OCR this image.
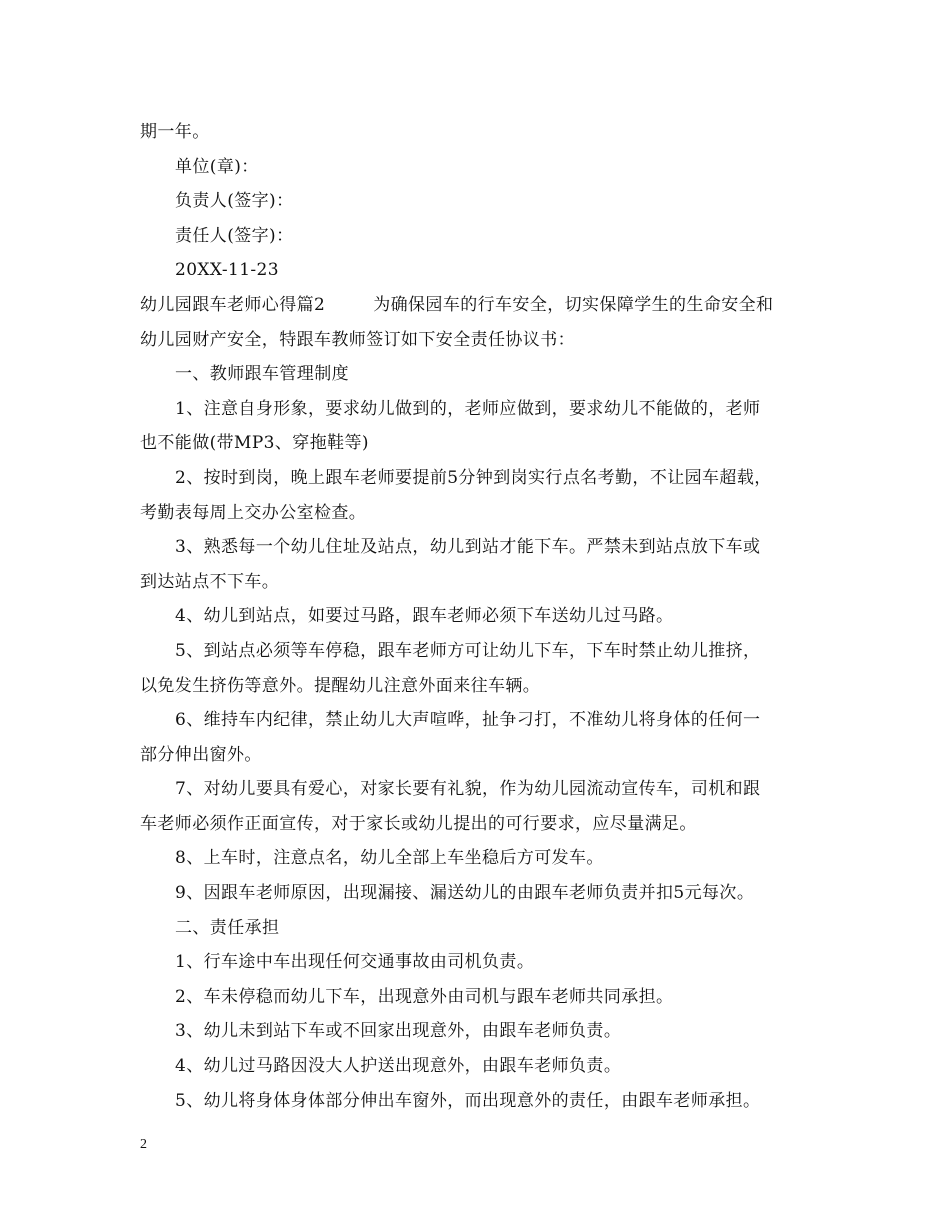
期一年。
单位(章)：
负责人(签字)：
责任人(签字)：
20XX-11-23
幼儿园跟车老师心得篇2	为确保园车的行车安全，切实保障学生的生命安全和
幼儿园财产安全，特跟车教师签订如下安全责任协议书：
一、教师跟车管理制度
1、注意自身形象，要求幼儿做到的，老师应做到，要求幼儿不能做的，老师
也不能做(带MP3、穿拖鞋等)
2、按时到岗，晚上跟车老师要提前5分钟到岗实行点名考勤，不让园车超载，
考勤表每周上交办公室检查。
3、熟悉每一个幼儿住址及站点，幼儿到站才能下车。严禁未到站点放下车或
到达站点不下车。
4、幼儿到站点，如要过马路，跟车老师必须下车送幼儿过马路。
5、到站点必须等车停稳，跟车老师方可让幼儿下车，下车时禁止幼儿推挤，
以免发生挤伤等意外。提醒幼儿注意外面来往车辆。
6、维持车内纪律，禁止幼儿大声喧哗，扯争刁打，不准幼儿将身体的任何一
部分伸出窗外。
7、对幼儿要具有爱心，对家长要有礼貌，作为幼儿园流动宣传车，司机和跟
车老师必须作正面宣传，对于家长或幼儿提出的可行要求，应尽量满足。
8、上车时，注意点名，幼儿全部上车坐稳后方可发车。
9、因跟车老师原因，出现漏接、漏送幼儿的由跟车老师负责并扣5元每次。
二、责任承担
1、行车途中车出现任何交通事故由司机负责。
2、车未停稳而幼儿下车，出现意外由司机与跟车老师共同承担。
3、幼儿未到站下车或不回家出现意外，由跟车老师负责。
4、幼儿过马路因没大人护送出现意外，由跟车老师负责。
5、幼儿将身体身体部分伸出车窗外，而出现意外的责任，由跟车老师承担。
2
